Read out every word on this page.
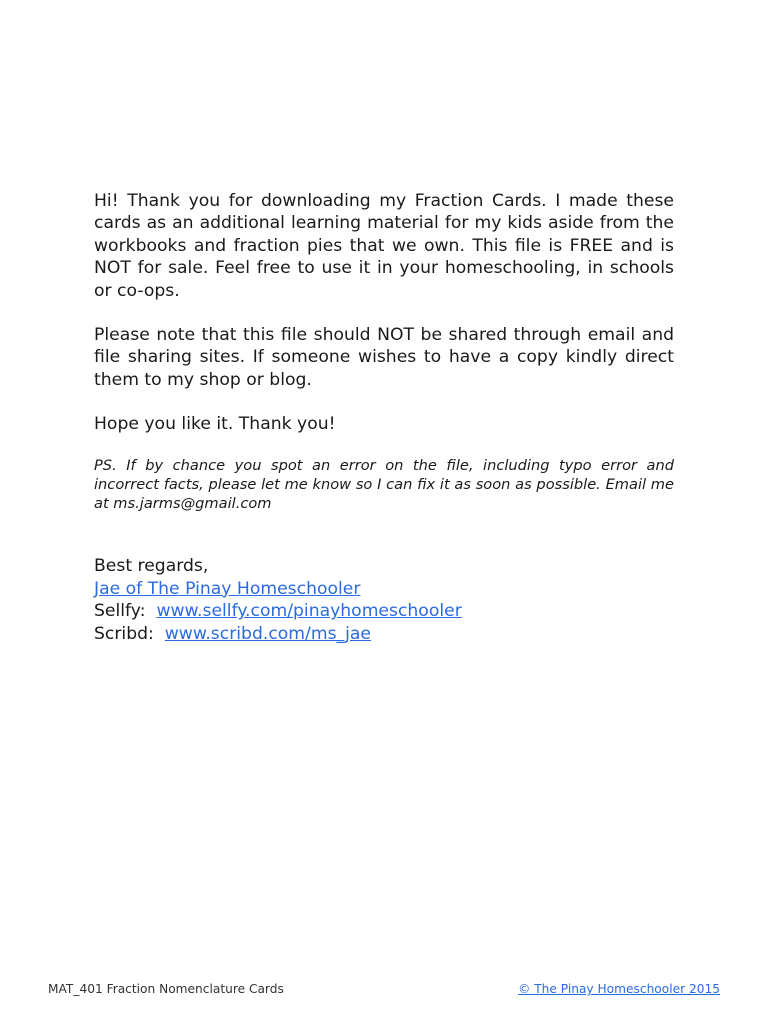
Hi! Thank you for downloading my Fraction Cards. I made these cards as an additional learning material for my kids aside from the workbooks and fraction pies that we own. This file is FREE and is NOT for sale. Feel free to use it in your homeschooling, in schools or co-ops.

Please note that this file should NOT be shared through email and file sharing sites. If someone wishes to have a copy kindly direct them to my shop or blog.

Hope you like it. Thank you!

PS. If by chance you spot an error on the file, including typo error and incorrect facts, please let me know so I can fix it as soon as possible. Email me at ms.jarms@gmail.com

Best regards,
Jae of The Pinay Homeschooler
Sellfy: www.sellfy.com/pinayhomeschooler
Scribd: www.scribd.com/ms_jae
MAT_401 Fraction Nomenclature Cards	© The Pinay Homeschooler 2015
